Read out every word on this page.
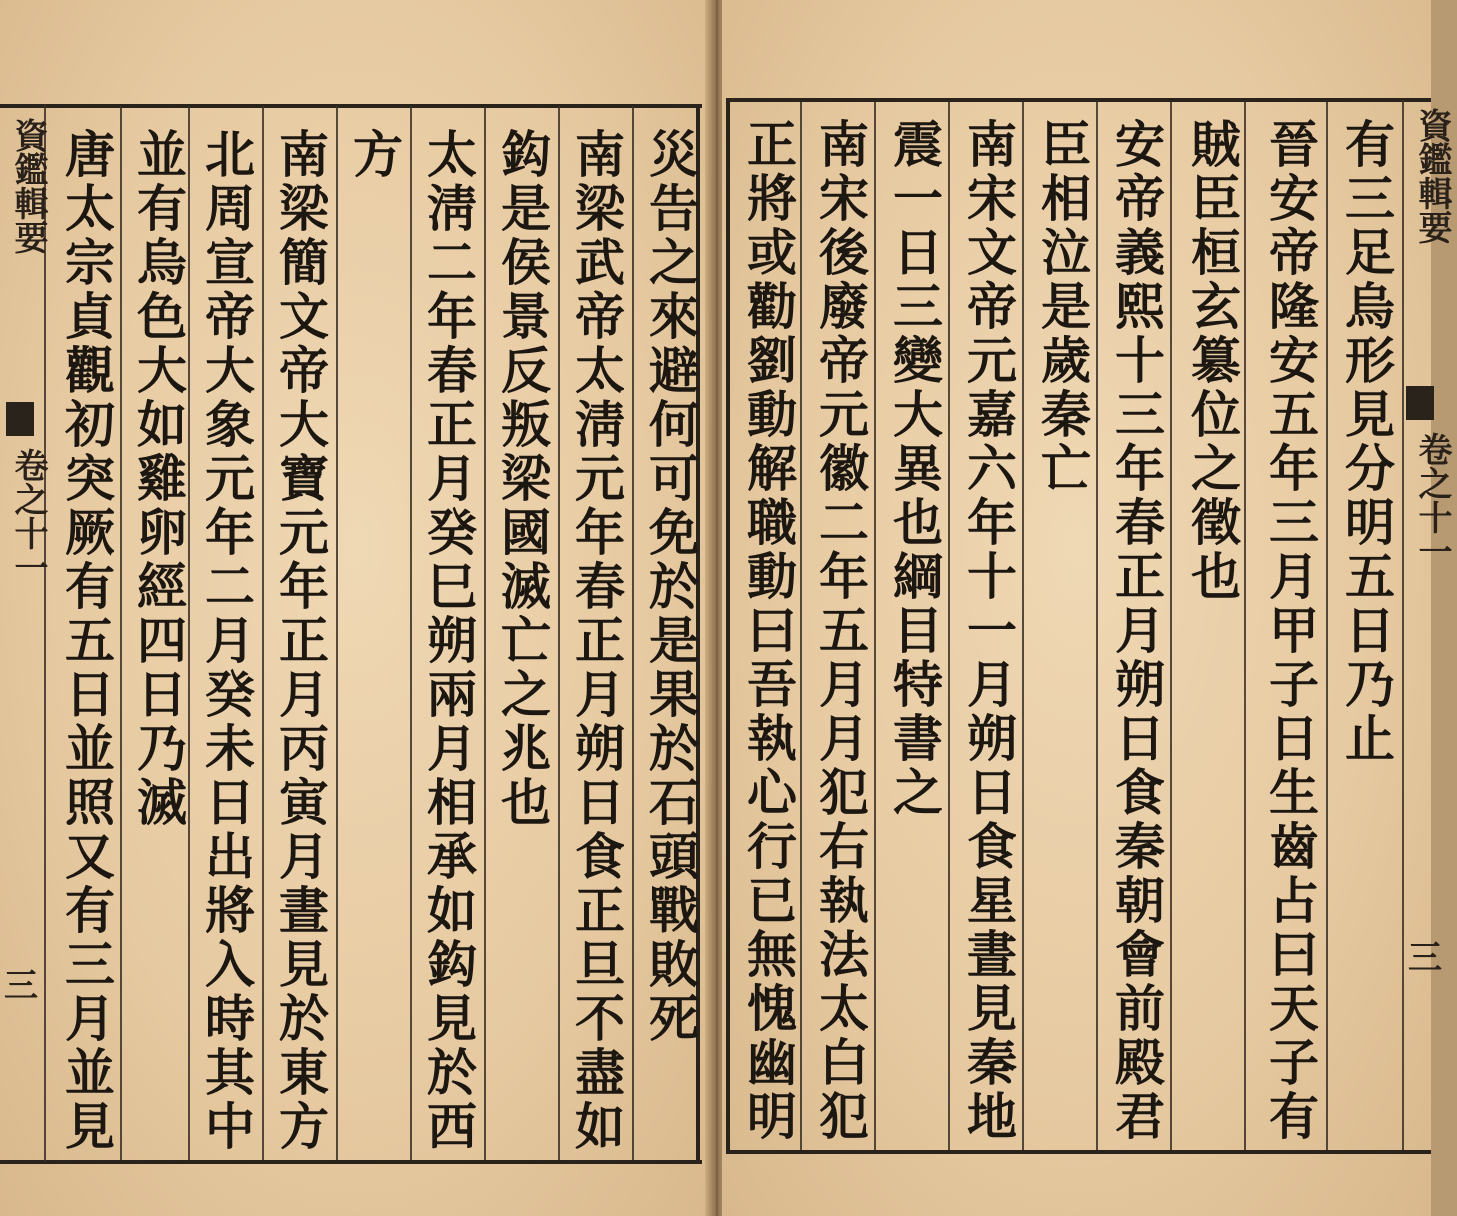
資鑑輯要
卷之十一
三	災告之來避何可免於是果於石頭戰敗死
南梁武帝太淸元年春正月朔日食正旦不盡如
鈎是侯景反叛梁國滅亡之兆也
太淸二年春正月癸巳朔兩月相承如鈎見於西
方
南梁簡文帝大寶元年正月丙寅月晝見於東方
北周宣帝大象元年二月癸未日出將入時其中
並有烏色大如雞卵經四日乃滅
唐太宗貞觀初突厥有五日並照又有三月並見	資鑑輯要
卷之十一
三
有三足烏形見分明五日乃止
晉安帝隆安五年三月甲子日生齒占曰天子有
賊臣桓玄簒位之徵也
安帝義熙十三年春正月朔日食秦朝會前殿君
臣相泣是歲秦亡
南宋文帝元嘉六年十一月朔日食星晝見秦地
震一日三變大異也綱目特書之
南宋後廢帝元徽二年五月月犯右執法太白犯
正將或勸劉動解職動曰吾執心行已無愧幽明
